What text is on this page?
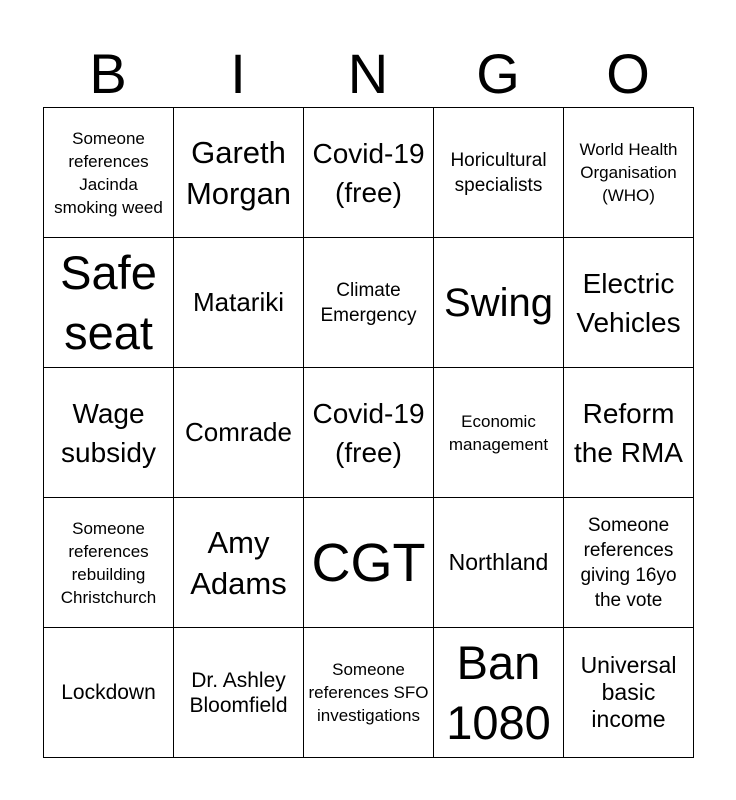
B	I	N	G	O
Someone references Jacinda smoking weed	Gareth Morgan	Covid-19 (free)	Horicultural specialists	World Health Organisation (WHO)
Safe seat	Matariki	Climate Emergency	Swing	Electric Vehicles
Wage subsidy	Comrade	Covid-19 (free)	Economic management	Reform the RMA
Someone references rebuilding Christchurch	Amy Adams	CGT	Northland	Someone references giving 16yo the vote
Lockdown	Dr. Ashley Bloomfield	Someone references SFO investigations	Ban 1080	Universal basic income
